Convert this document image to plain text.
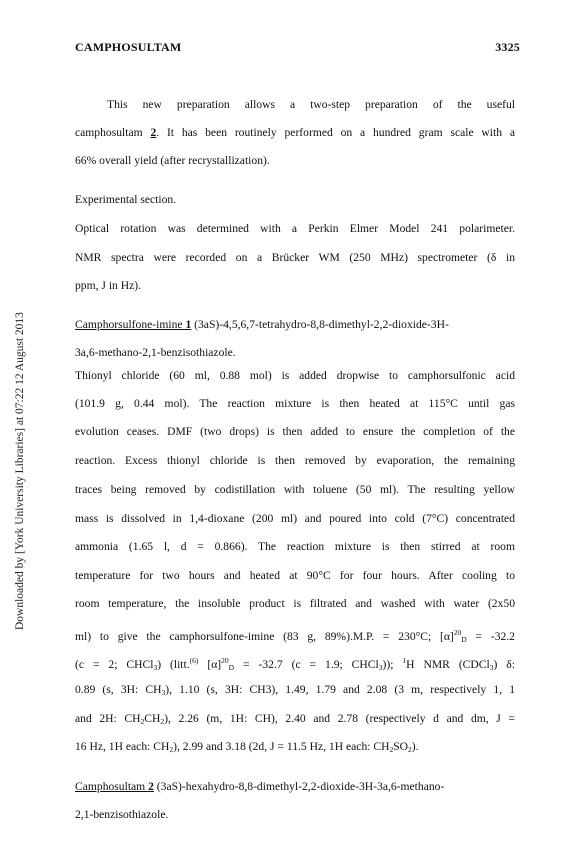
CAMPHOSULTAM	3325
Downloaded by [York University Libraries] at 07:22 12 August 2013
This new preparation allows a two-step preparation of the useful
camphosultam 2. It has been routinely performed on a hundred gram scale with a
66% overall yield (after recrystallization).
Experimental section.
Optical rotation was determined with a Perkin Elmer Model 241 polarimeter.
NMR spectra were recorded on a Brücker WM (250 MHz) spectrometer (δ in
ppm, J in Hz).
Camphorsulfone-imine 1 (3aS)-4,5,6,7-tetrahydro-8,8-dimethyl-2,2-dioxide-3H-
3a,6-methano-2,1-benzisothiazole.
Thionyl chloride (60 ml, 0.88 mol) is added dropwise to camphorsulfonic acid
(101.9 g, 0.44 mol). The reaction mixture is then heated at 115°C until gas
evolution ceases. DMF (two drops) is then added to ensure the completion of the
reaction. Excess thionyl chloride is then removed by evaporation, the remaining
traces being removed by codistillation with toluene (50 ml). The resulting yellow
mass is dissolved in 1,4-dioxane (200 ml) and poured into cold (7°C) concentrated
ammonia (1.65 l, d = 0.866). The reaction mixture is then stirred at room
temperature for two hours and heated at 90°C for four hours. After cooling to
room temperature, the insoluble product is filtrated and washed with water (2x50
ml) to give the camphorsulfone-imine (83 g, 89%).M.P. = 230°C; $[\alpha]^{20}_D = -32.2$
(c = 2; CHCl$_3$) (litt.$^{(6)}$ $[\alpha]^{20}_D = -32.7$ (c = 1.9; CHCl$_3$)); $^1$H NMR (CDCl$_3$) δ:
0.89 (s, 3H: $CH_3$), 1.10 (s, 3H: CH3), 1.49, 1.79 and 2.08 (3 m, respectively 1, 1
and 2H: $CH_2CH_2$), 2.26 (m, 1H: CH), 2.40 and 2.78 (respectively d and dm, J =
16 Hz, 1H each: $CH_2$), 2.99 and 3.18 (2d, J = 11.5 Hz, 1H each: $CH_2SO_2$).
Camphosultam 2 (3aS)-hexahydro-8,8-dimethyl-2,2-dioxide-3H-3a,6-methano-
2,1-benzisothiazole.
